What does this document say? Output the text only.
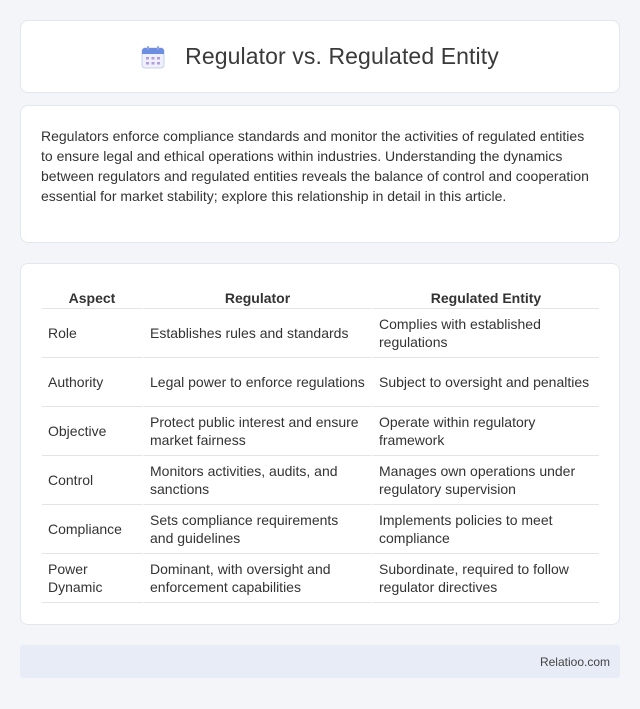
Regulator vs. Regulated Entity

Regulators enforce compliance standards and monitor the activities of regulated entities to ensure legal and ethical operations within industries. Understanding the dynamics between regulators and regulated entities reveals the balance of control and cooperation essential for market stability; explore this relationship in detail in this article.

Aspect	Regulator	Regulated Entity
Role	Establishes rules and standards	Complies with established regulations
Authority	Legal power to enforce regulations	Subject to oversight and penalties
Objective	Protect public interest and ensure market fairness	Operate within regulatory framework
Control	Monitors activities, audits, and sanctions	Manages own operations under regulatory supervision
Compliance	Sets compliance requirements and guidelines	Implements policies to meet compliance
Power Dynamic	Dominant, with oversight and enforcement capabilities	Subordinate, required to follow regulator directives
Relatioo.com
